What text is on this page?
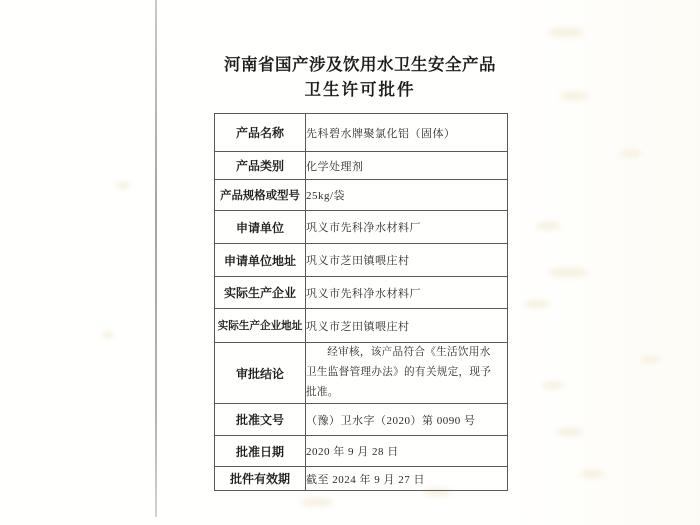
河南省国产涉及饮用水卫生安全产品
卫生许可批件
产品名称	先科碧水牌聚氯化铝（固体）
产品类别	化学处理剂
产品规格或型号	25kg/袋
申请单位	巩义市先科净水材料厂
申请单位地址	巩义市芝田镇喂庄村
实际生产企业	巩义市先科净水材料厂
实际生产企业地址	巩义市芝田镇喂庄村
审批结论	经审核，该产品符合《生活饮用水卫生监督管理办法》的有关规定，现予批准。
批准文号	（豫）卫水字（2020）第 0090 号
批准日期	2020 年 9 月 28 日
批件有效期	截至 2024 年 9 月 27 日
